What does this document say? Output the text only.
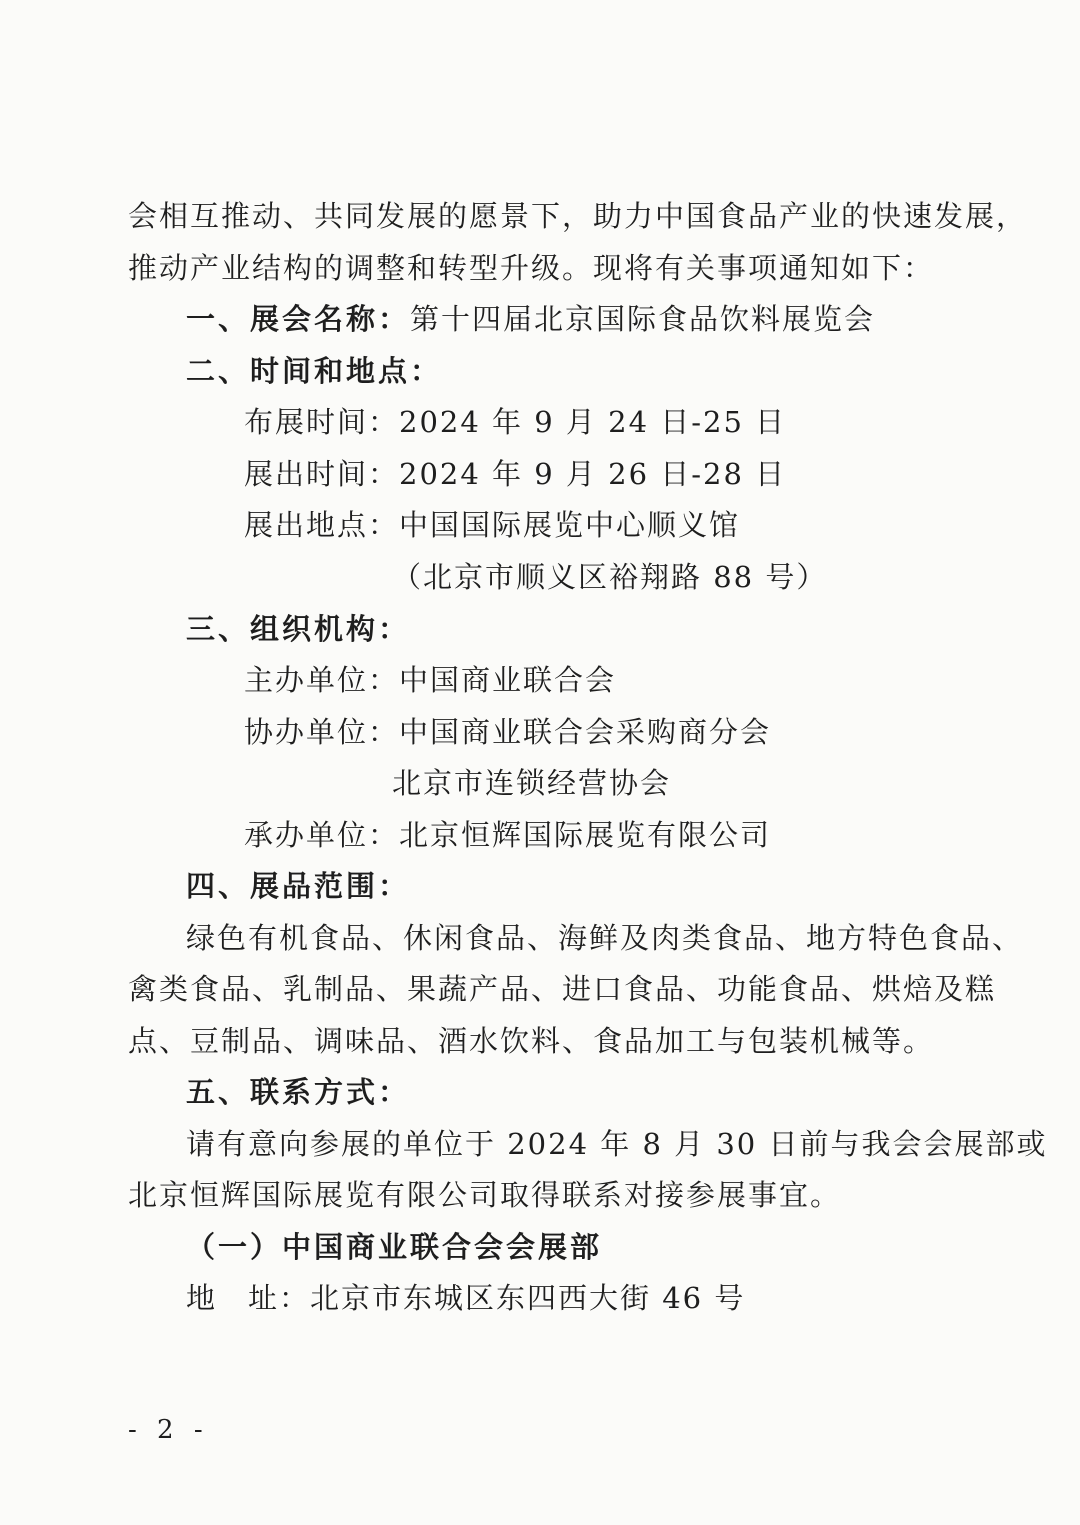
会相互推动、共同发展的愿景下，助力中国食品产业的快速发展，
推动产业结构的调整和转型升级。现将有关事项通知如下：
一、展会名称：第十四届北京国际食品饮料展览会
二、时间和地点：
布展时间：2024 年 9 月 24 日-25 日
展出时间：2024 年 9 月 26 日-28 日
展出地点：中国国际展览中心顺义馆
（北京市顺义区裕翔路 88 号）
三、组织机构：
主办单位：中国商业联合会
协办单位：中国商业联合会采购商分会
北京市连锁经营协会
承办单位：北京恒辉国际展览有限公司
四、展品范围：
绿色有机食品、休闲食品、海鲜及肉类食品、地方特色食品、
禽类食品、乳制品、果蔬产品、进口食品、功能食品、烘焙及糕
点、豆制品、调味品、酒水饮料、食品加工与包装机械等。
五、联系方式：
请有意向参展的单位于 2024 年 8 月 30 日前与我会会展部或
北京恒辉国际展览有限公司取得联系对接参展事宜。
（一）中国商业联合会会展部
地　址：北京市东城区东四西大街 46 号
- 2 -
